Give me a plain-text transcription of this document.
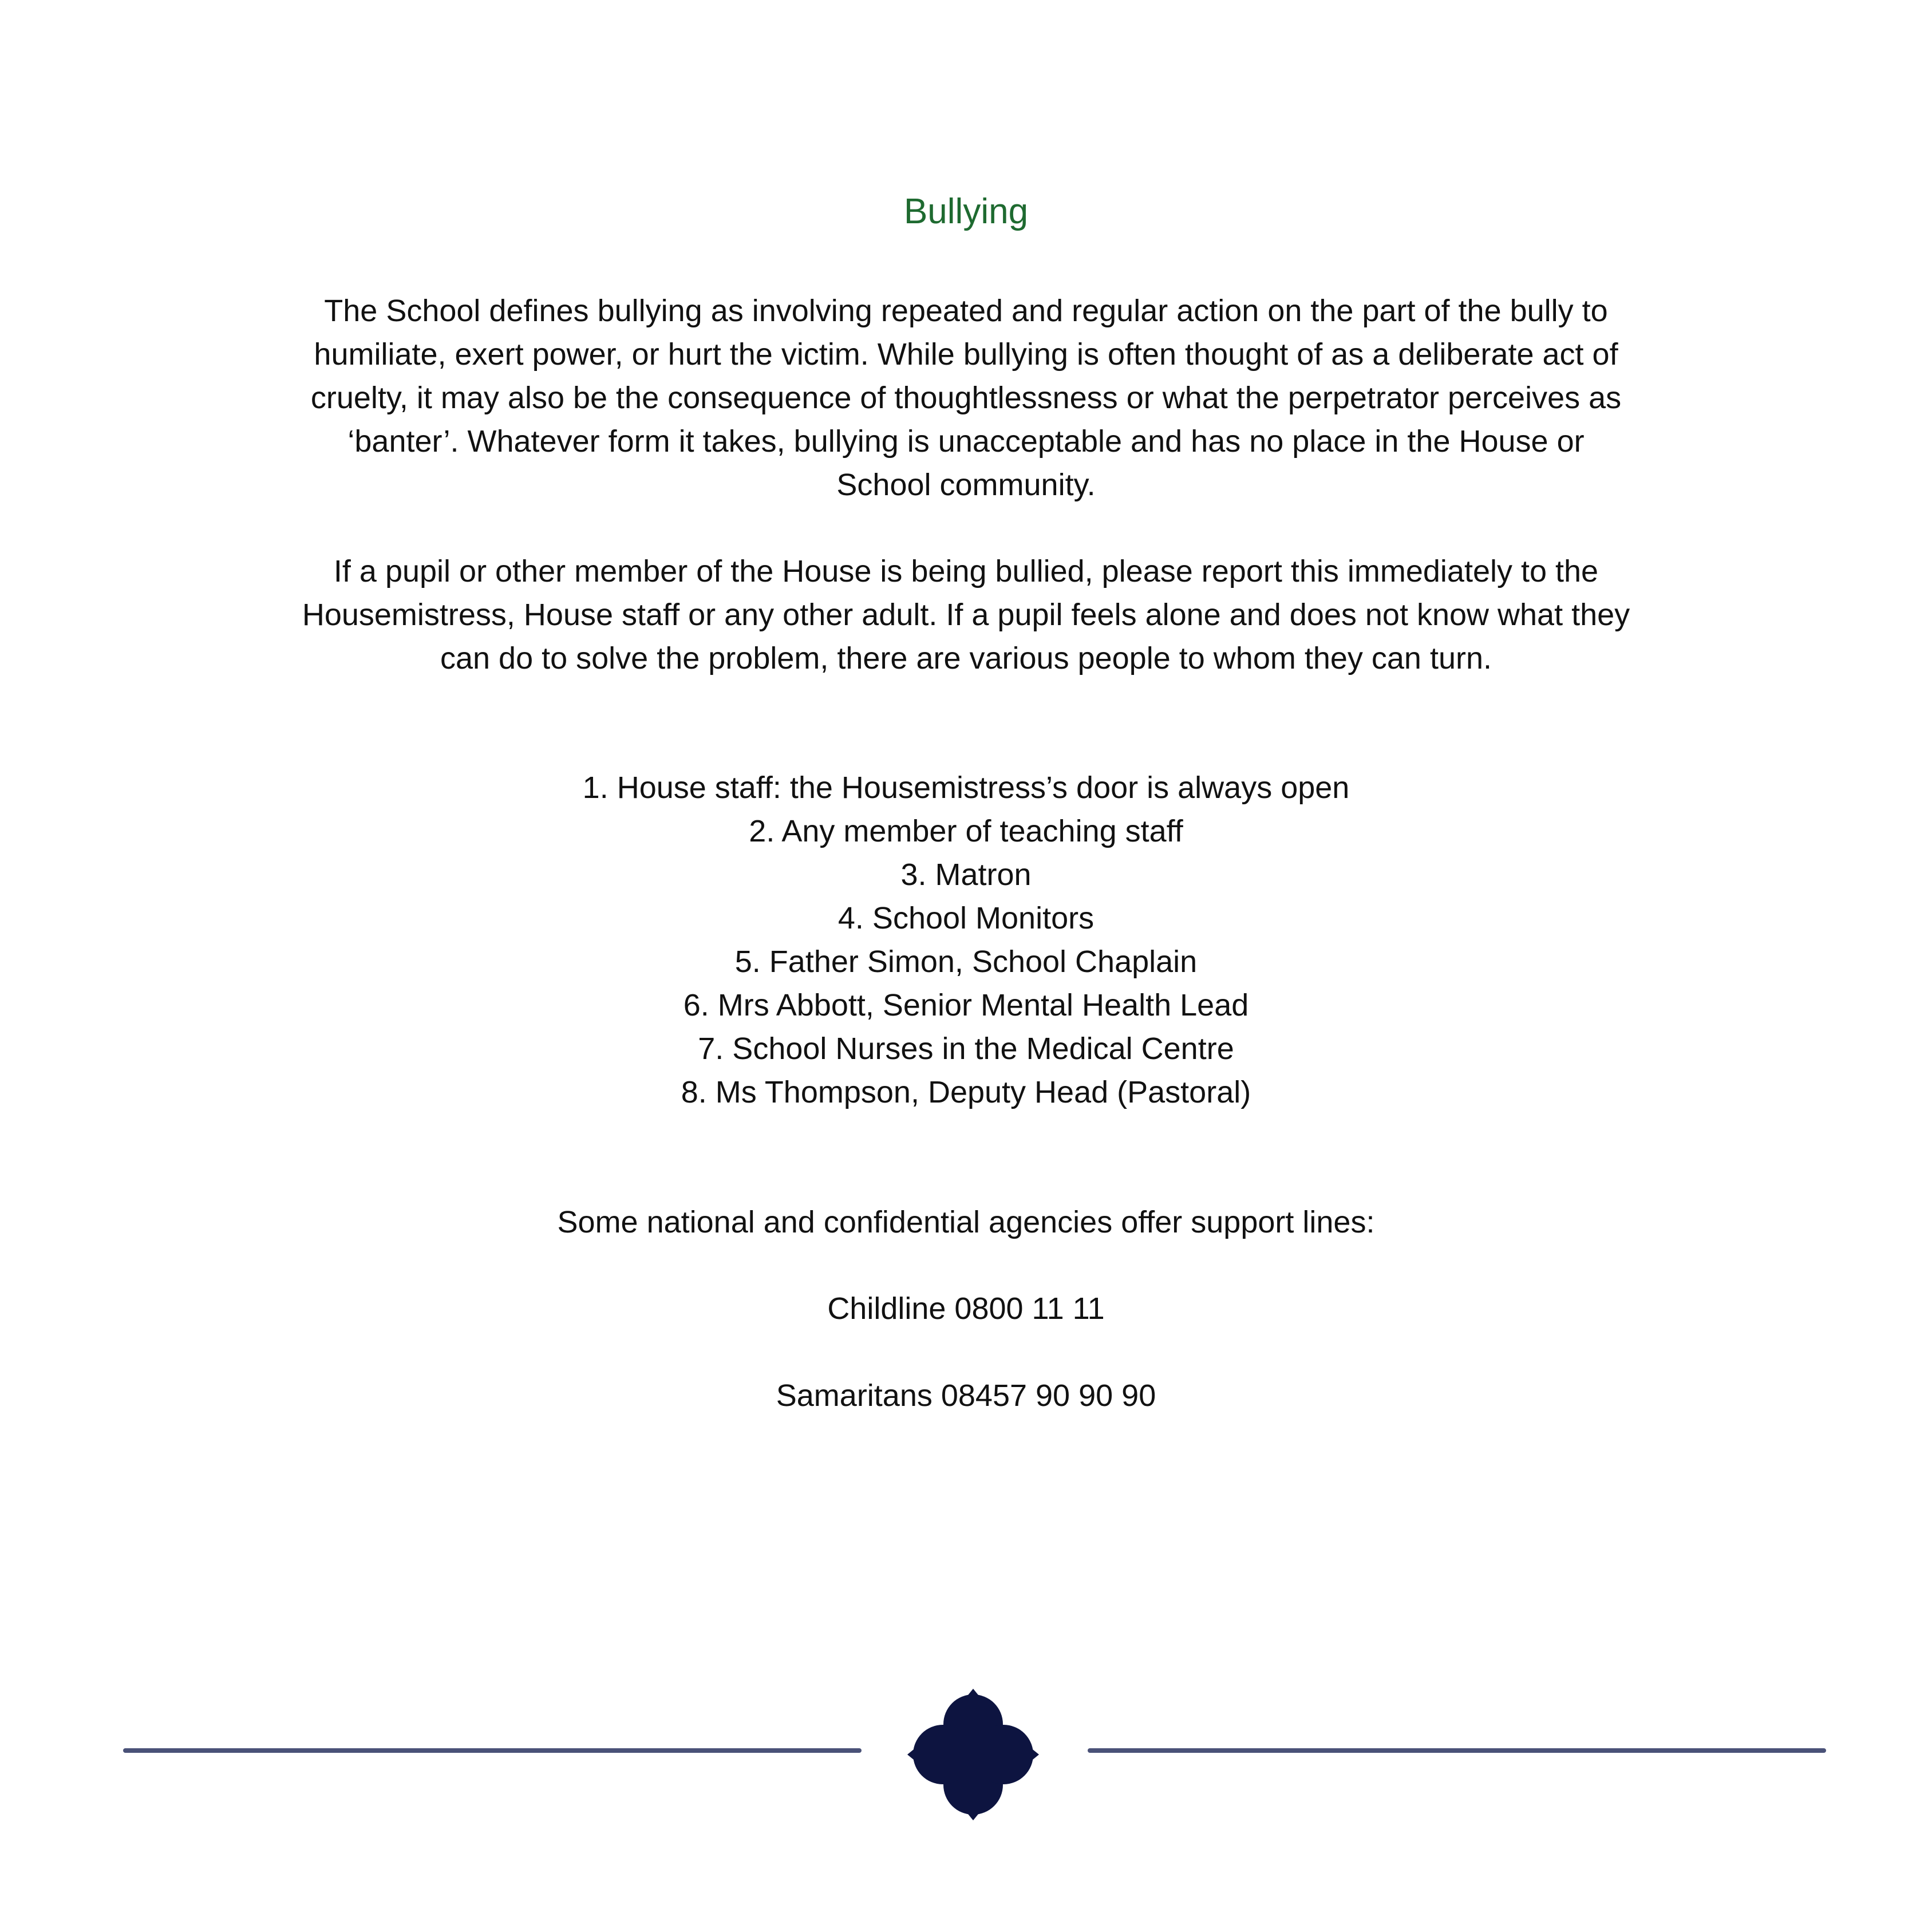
Bullying

The School defines bullying as involving repeated and regular action on the part of the bully to humiliate, exert power, or hurt the victim. While bullying is often thought of as a deliberate act of cruelty, it may also be the consequence of thoughtlessness or what the perpetrator perceives as ‘banter’. Whatever form it takes, bullying is unacceptable and has no place in the House or School community.

If a pupil or other member of the House is being bullied, please report this immediately to the Housemistress, House staff or any other adult. If a pupil feels alone and does not know what they can do to solve the problem, there are various people to whom they can turn.

1. House staff: the Housemistress’s door is always open
2. Any member of teaching staff
3. Matron
4. School Monitors
5. Father Simon, School Chaplain
6. Mrs Abbott, Senior Mental Health Lead
7. School Nurses in the Medical Centre
8. Ms Thompson, Deputy Head (Pastoral)

Some national and confidential agencies offer support lines:

Childline 0800 11 11

Samaritans 08457 90 90 90
